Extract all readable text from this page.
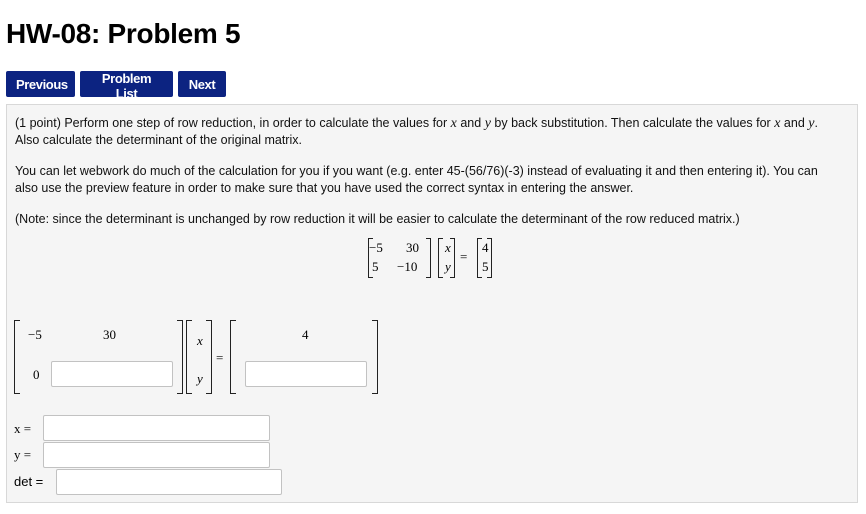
HW-08: Problem 5
Previous	Problem List
Next

(1 point) Perform one step of row reduction, in order to calculate the values for x and y by back substitution. Then calculate the values for x and y.
Also calculate the determinant of the original matrix.

You can let webwork do much of the calculation for you if you want (e.g. enter 45-(56/76)(-3) instead of evaluating it and then entering it). You can
also use the preview feature in order to make sure that you have used the correct syntax in entering the answer.

(Note: since the determinant is unchanged by row reduction it will be easier to calculate the determinant of the row reduced matrix.)

−5 30
5 −10
x
y
=
4
5
−5	30
0
x
y
=
4
x =
y =
det =
